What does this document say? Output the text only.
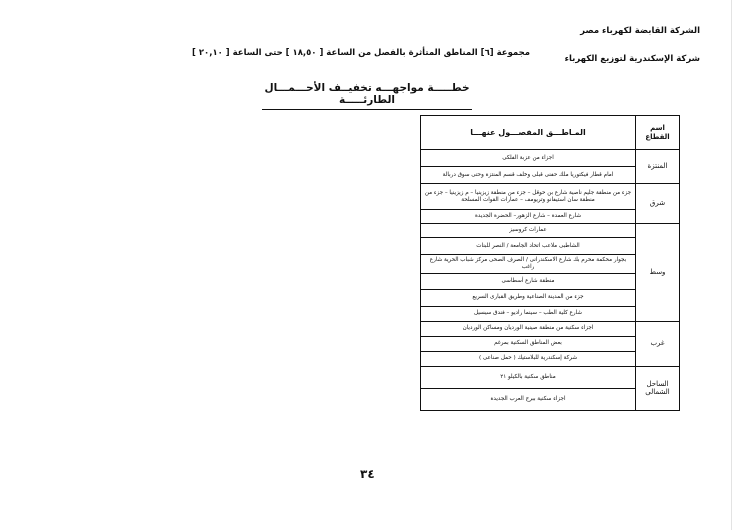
الشركة القابضة لكهرباء مصر
شركة الإسكندرية لتوزيع الكهرباء
مجموعة [٦] المناطق المتأثرة بالفصل من الساعة [ ١٨,٥٠ ] حتى الساعة [ ٢٠,١٠ ]
خطـــــة مواجهـــه تخفيــف الأحـــمـــال الطارئـــــة
اسم القطاع	المـاطـــق المفصـــول عنهـــا
المنتزة	اجزاء من عزبة الفلكى
	امام قطار فيكتوريا ملك حفنى قبلى وخلف قسم المنتزة وحتى سوق دربالة
شرق	جزء من منطقة جليم ناصية شارع بن حوقل – جزء من منطقة زيزينيا – م زيزينيا – جزء من منطقة سان استيفانو وتريومف – عمارات القوات المسلحة
	شارع العمدة – شارع الزهور– الحضرة الجديدة
وسط	عمارات كروسيز
	الشاطبى ملاعب اتحاد الجامعة / النصر للبنات
	بجوار محكمة محرم بك شارع الاسكندرانى / الصرف الصحى مركز شباب الحرية شارع راغب
	منطقة شارع أسطاسى
	جزء من المدينة الصناعية وطريق القبارى السريع
	شارع كلية الطب – سينما راديو – فندق سيسيل
غرب	اجزاء سكنية من منطقة صينية الورديان ومساكن الورديان
	بعض المناطق السكنية بمرغم
	شركة إسكندرية للبلاستيك ( حمل صناعى )
الساحل الشمالى	مناطق سكنية بالكيلو ٢١
	اجزاء سكنية ببرج العرب الجديدة
٣٤
